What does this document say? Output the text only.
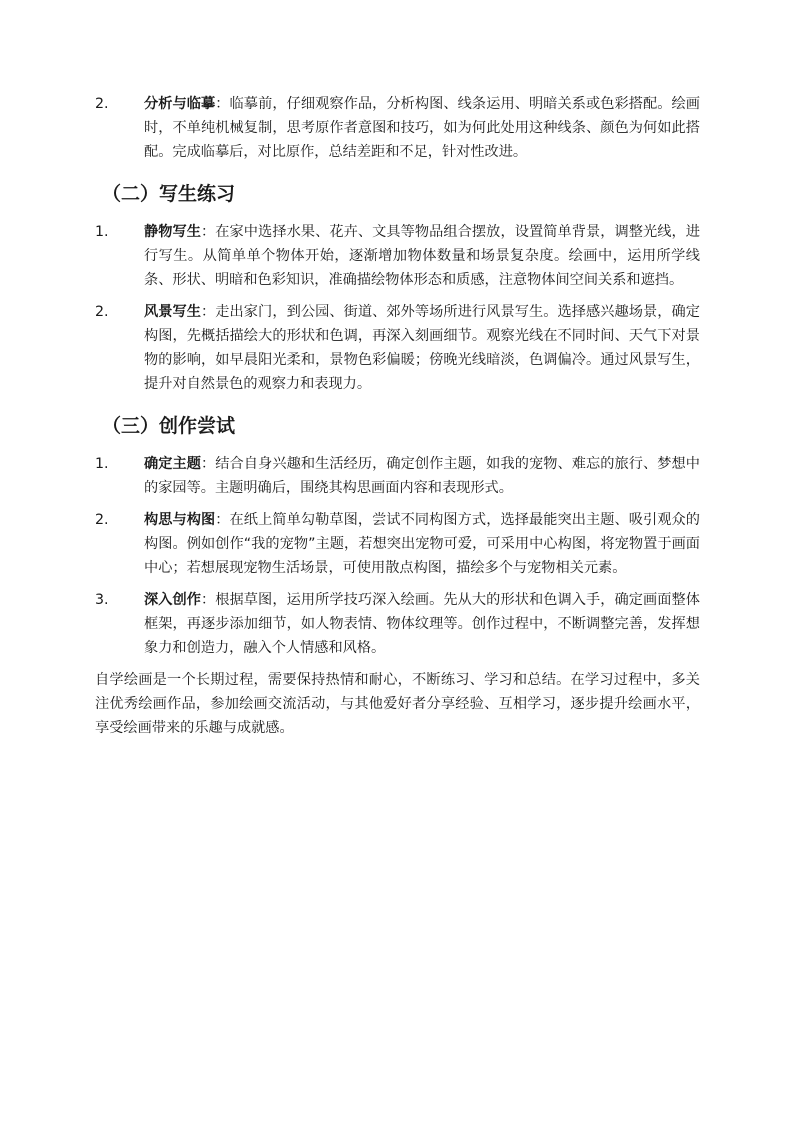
2. 分析与临摹：临摹前，仔细观察作品，分析构图、线条运用、明暗关系或色彩搭配。绘画时，不单纯机械复制，思考原作者意图和技巧，如为何此处用这种线条、颜色为何如此搭配。完成临摹后，对比原作，总结差距和不足，针对性改进。
（二）写生练习
1. 静物写生：在家中选择水果、花卉、文具等物品组合摆放，设置简单背景，调整光线，进行写生。从简单单个物体开始，逐渐增加物体数量和场景复杂度。绘画中，运用所学线条、形状、明暗和色彩知识，准确描绘物体形态和质感，注意物体间空间关系和遮挡。
2. 风景写生：走出家门，到公园、街道、郊外等场所进行风景写生。选择感兴趣场景，确定构图，先概括描绘大的形状和色调，再深入刻画细节。观察光线在不同时间、天气下对景物的影响，如早晨阳光柔和，景物色彩偏暖；傍晚光线暗淡，色调偏冷。通过风景写生，提升对自然景色的观察力和表现力。
（三）创作尝试
1. 确定主题：结合自身兴趣和生活经历，确定创作主题，如我的宠物、难忘的旅行、梦想中的家园等。主题明确后，围绕其构思画面内容和表现形式。
2. 构思与构图：在纸上简单勾勒草图，尝试不同构图方式，选择最能突出主题、吸引观众的构图。例如创作“我的宠物”主题，若想突出宠物可爱，可采用中心构图，将宠物置于画面中心；若想展现宠物生活场景，可使用散点构图，描绘多个与宠物相关元素。
3. 深入创作：根据草图，运用所学技巧深入绘画。先从大的形状和色调入手，确定画面整体框架，再逐步添加细节，如人物表情、物体纹理等。创作过程中，不断调整完善，发挥想象力和创造力，融入个人情感和风格。

自学绘画是一个长期过程，需要保持热情和耐心，不断练习、学习和总结。在学习过程中，多关注优秀绘画作品，参加绘画交流活动，与其他爱好者分享经验、互相学习，逐步提升绘画水平，享受绘画带来的乐趣与成就感。
